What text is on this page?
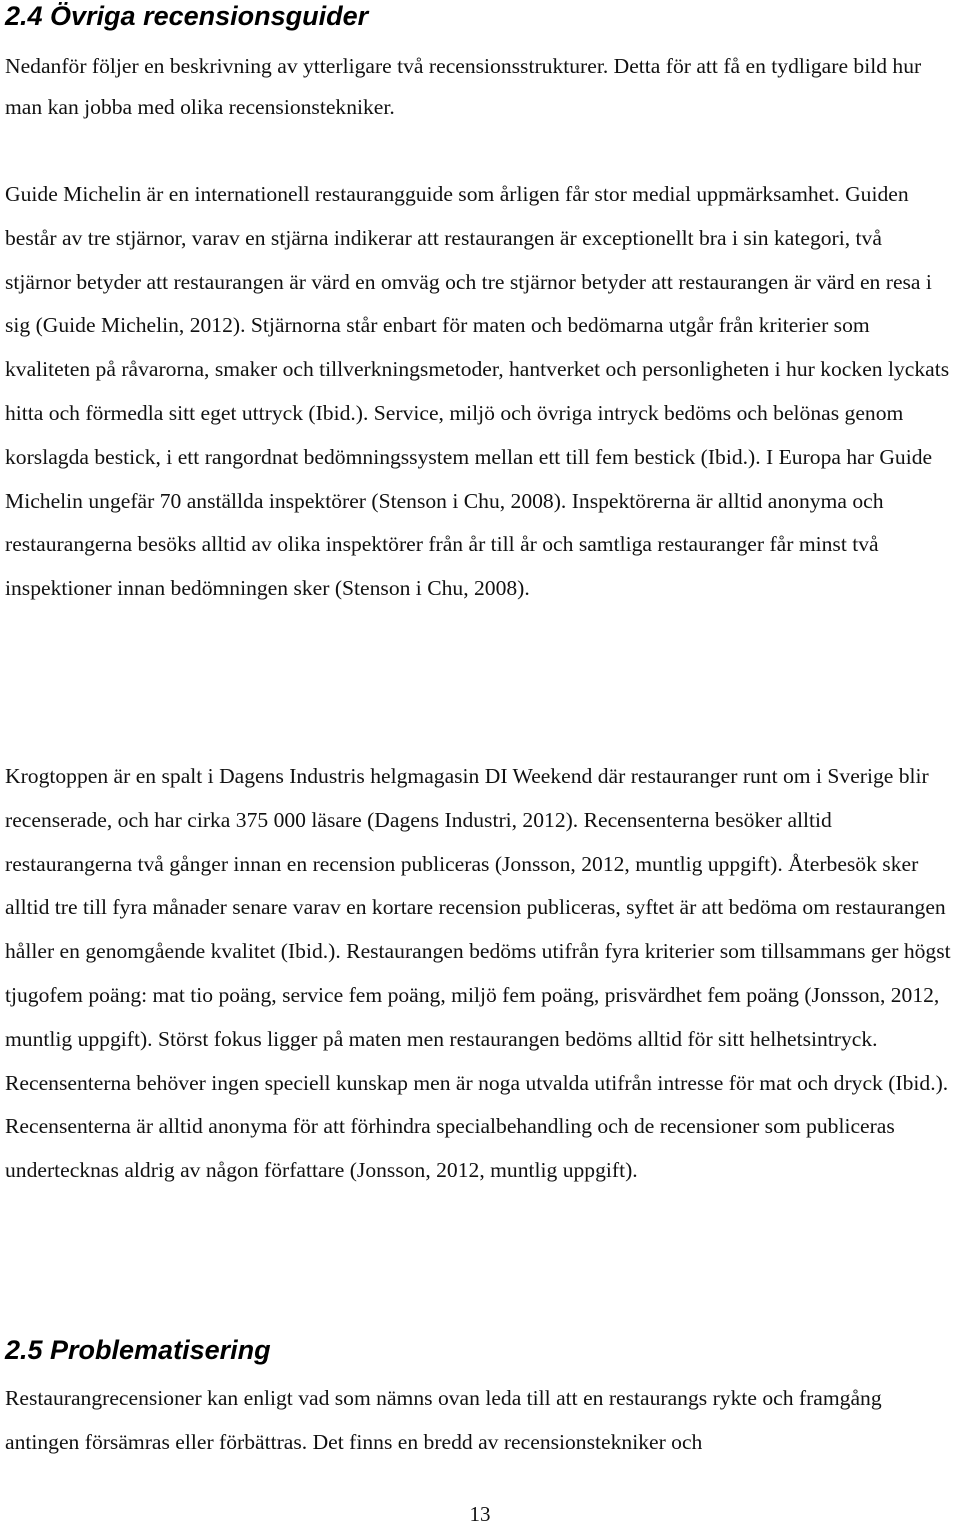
2.4 Övriga recensionsguider

Nedanför följer en beskrivning av ytterligare två recensionsstrukturer. Detta för att få en tydligare bild hur man kan jobba med olika recensionstekniker.

Guide Michelin är en internationell restaurangguide som årligen får stor medial uppmärksamhet. Guiden består av tre stjärnor, varav en stjärna indikerar att restaurangen är exceptionellt bra i sin kategori, två stjärnor betyder att restaurangen är värd en omväg och tre stjärnor betyder att restaurangen är värd en resa i sig (Guide Michelin, 2012). Stjärnorna står enbart för maten och bedömarna utgår från kriterier som kvaliteten på råvarorna, smaker och tillverkningsmetoder, hantverket och personligheten i hur kocken lyckats hitta och förmedla sitt eget uttryck (Ibid.). Service, miljö och övriga intryck bedöms och belönas genom korslagda bestick, i ett rangordnat bedömningssystem mellan ett till fem bestick (Ibid.). I Europa har Guide Michelin ungefär 70 anställda inspektörer (Stenson i Chu, 2008). Inspektörerna är alltid anonyma och restaurangerna besöks alltid av olika inspektörer från år till år och samtliga restauranger får minst två inspektioner innan bedömningen sker (Stenson i Chu, 2008).

Krogtoppen är en spalt i Dagens Industris helgmagasin DI Weekend där restauranger runt om i Sverige blir recenserade, och har cirka 375 000 läsare (Dagens Industri, 2012). Recensenterna besöker alltid restaurangerna två gånger innan en recension publiceras (Jonsson, 2012, muntlig uppgift). Återbesök sker alltid tre till fyra månader senare varav en kortare recension publiceras, syftet är att bedöma om restaurangen håller en genomgående kvalitet (Ibid.). Restaurangen bedöms utifrån fyra kriterier som tillsammans ger högst tjugofem poäng: mat tio poäng, service fem poäng, miljö fem poäng, prisvärdhet fem poäng (Jonsson, 2012, muntlig uppgift). Störst fokus ligger på maten men restaurangen bedöms alltid för sitt helhetsintryck. Recensenterna behöver ingen speciell kunskap men är noga utvalda utifrån intresse för mat och dryck (Ibid.). Recensenterna är alltid anonyma för att förhindra specialbehandling och de recensioner som publiceras undertecknas aldrig av någon författare (Jonsson, 2012, muntlig uppgift).

2.5 Problematisering

Restaurangrecensioner kan enligt vad som nämns ovan leda till att en restaurangs rykte och framgång antingen försämras eller förbättras. Det finns en bredd av recensionstekniker och

13
